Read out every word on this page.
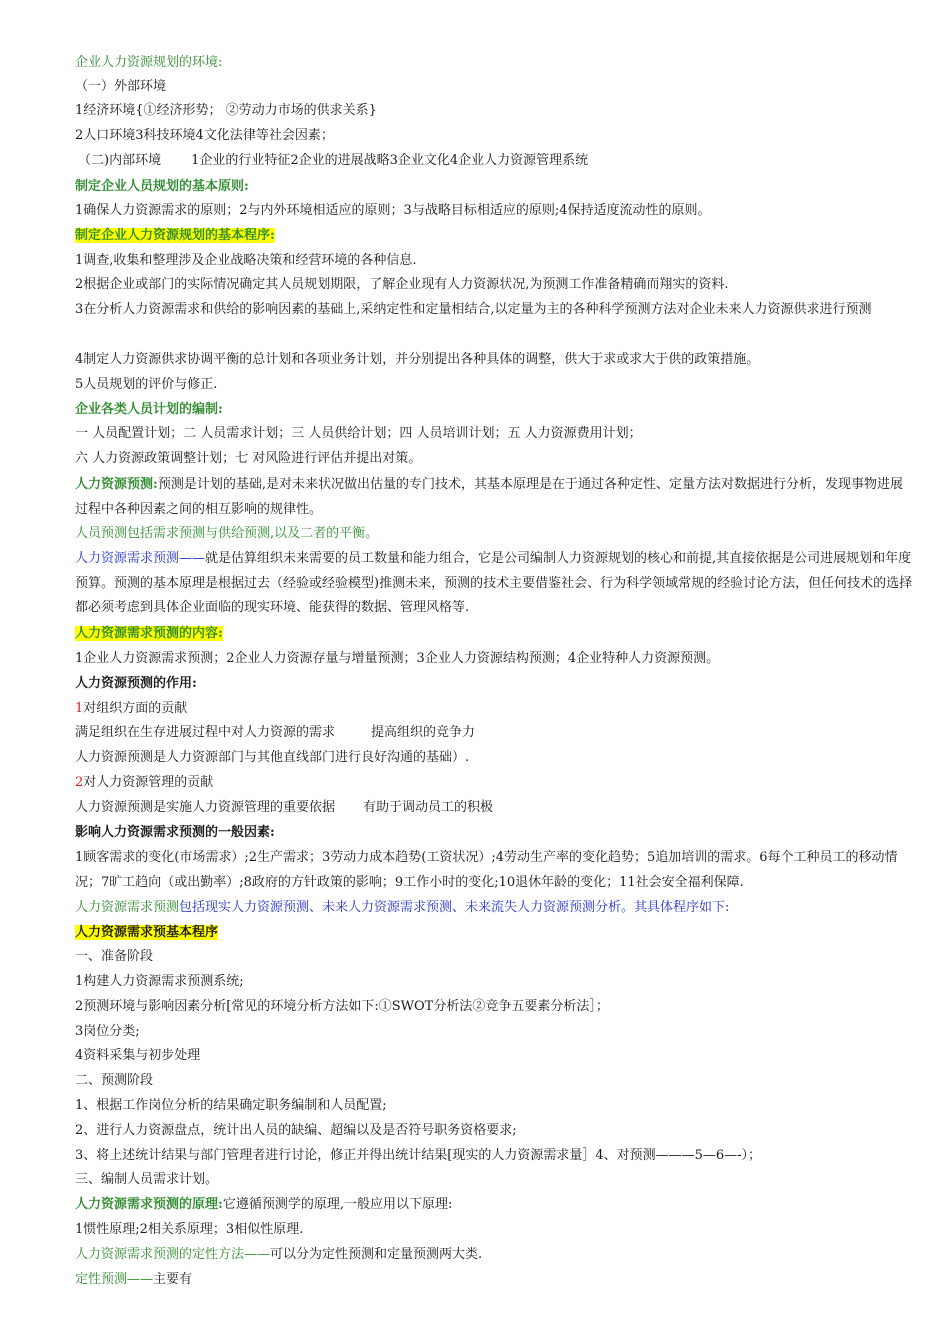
企业人力资源规划的环境:
（一）外部环境
1经济环境{①经济形势； ②劳动力市场的供求关系}
2人口环境3科技环境4文化法律等社会因素；
（二)内部环境 1企业的行业特征2企业的进展战略3企业文化4企业人力资源管理系统
制定企业人员规划的基本原则:
1确保人力资源需求的原则；2与内外环境相适应的原则；3与战略目标相适应的原则;4保持适度流动性的原则。
制定企业人力资源规划的基本程序:
1调查,收集和整理涉及企业战略决策和经营环境的各种信息.
2根据企业或部门的实际情况确定其人员规划期限，了解企业现有人力资源状况,为预测工作准备精确而翔实的资料.
3在分析人力资源需求和供给的影响因素的基础上,采纳定性和定量相结合,以定量为主的各种科学预测方法对企业未来人力资源供求进行预测
4制定人力资源供求协调平衡的总计划和各项业务计划，并分别提出各种具体的调整，供大于求或求大于供的政策措施。
5人员规划的评价与修正.
企业各类人员计划的编制:
一 人员配置计划；二 人员需求计划；三 人员供给计划；四 人员培训计划；五 人力资源费用计划；
六 人力资源政策调整计划；七 对风险进行评估并提出对策。
人力资源预测:预测是计划的基础,是对未来状况做出估量的专门技术，其基本原理是在于通过各种定性、定量方法对数据进行分析，发现事物进展过程中各种因素之间的相互影响的规律性。
人员预测包括需求预测与供给预测,以及二者的平衡。
人力资源需求预测——就是估算组织未来需要的员工数量和能力组合，它是公司编制人力资源规划的核心和前提,其直接依据是公司进展规划和年度预算。预测的基本原理是根据过去（经验或经验模型)推测未来，预测的技术主要借鉴社会、行为科学领域常规的经验讨论方法，但任何技术的选择都必须考虑到具体企业面临的现实环境、能获得的数据、管理风格等.
人力资源需求预测的内容:
1企业人力资源需求预测；2企业人力资源存量与增量预测；3企业人力资源结构预测；4企业特种人力资源预测。
人力资源预测的作用:
1对组织方面的贡献
满足组织在生存进展过程中对人力资源的需求	提高组织的竞争力
人力资源预测是人力资源部门与其他直线部门进行良好沟通的基础）.
2对人力资源管理的贡献
人力资源预测是实施人力资源管理的重要依据 有助于调动员工的积极
影响人力资源需求预测的一般因素:
1顾客需求的变化(市场需求）;2生产需求；3劳动力成本趋势(工资状况）;4劳动生产率的变化趋势；5追加培训的需求。6每个工种员工的移动情况；7旷工趋向（或出勤率）;8政府的方针政策的影响；9工作小时的变化;10退休年龄的变化；11社会安全福利保障.
人力资源需求预测包括现实人力资源预测、未来人力资源需求预测、未来流失人力资源预测分析。其具体程序如下:
人力资源需求预基本程序
一、准备阶段
1构建人力资源需求预测系统;
2预测环境与影响因素分析[常见的环境分析方法如下:①SWOT分析法②竞争五要素分析法］；
3岗位分类;
4资料采集与初步处理
二、预测阶段
1、根据工作岗位分析的结果确定职务编制和人员配置;
2、进行人力资源盘点，统计出人员的缺编、超编以及是否符号职务资格要求;
3、将上述统计结果与部门管理者进行讨论，修正并得出统计结果[现实的人力资源需求量］4、对预测———5—6—-）；
三、编制人员需求计划。
人力资源需求预测的原理:它遵循预测学的原理,一般应用以下原理:
1惯性原理;2相关系原理；3相似性原理.
人力资源需求预测的定性方法——可以分为定性预测和定量预测两大类.
定性预测——主要有
